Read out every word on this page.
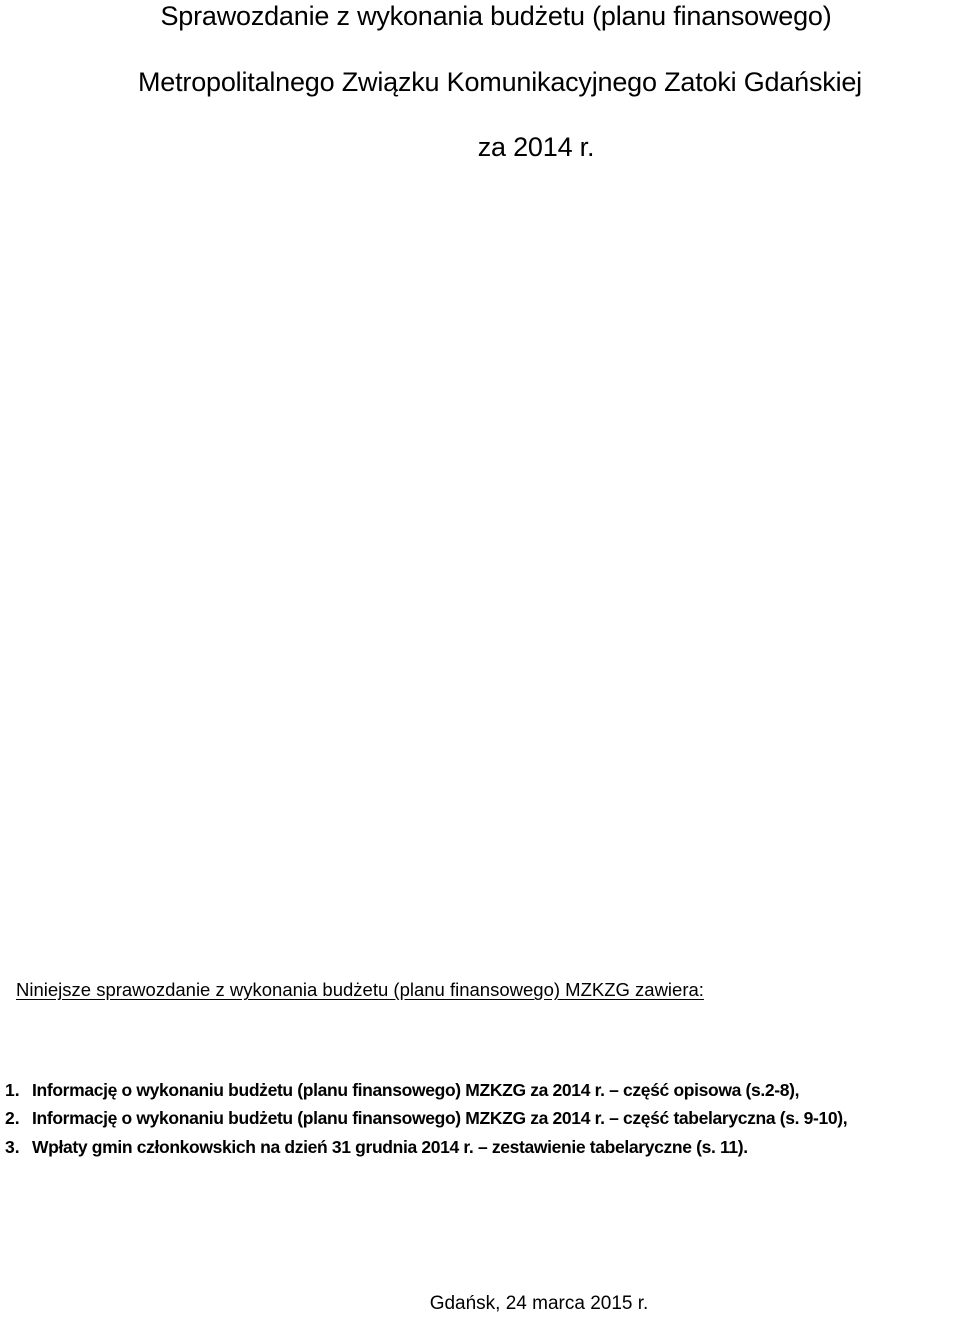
Sprawozdanie z wykonania budżetu (planu finansowego)
Metropolitalnego Związku Komunikacyjnego Zatoki Gdańskiej
za 2014 r.
Niniejsze sprawozdanie z wykonania budżetu (planu finansowego) MZKZG zawiera:
1. Informację o wykonaniu budżetu (planu finansowego) MZKZG za 2014 r. – część opisowa (s.2-8),
2. Informację o wykonaniu budżetu (planu finansowego) MZKZG za 2014 r. – część tabelaryczna (s. 9-10),
3. Wpłaty gmin członkowskich na dzień 31 grudnia 2014 r. – zestawienie tabelaryczne (s. 11).
Gdańsk, 24 marca 2015 r.
